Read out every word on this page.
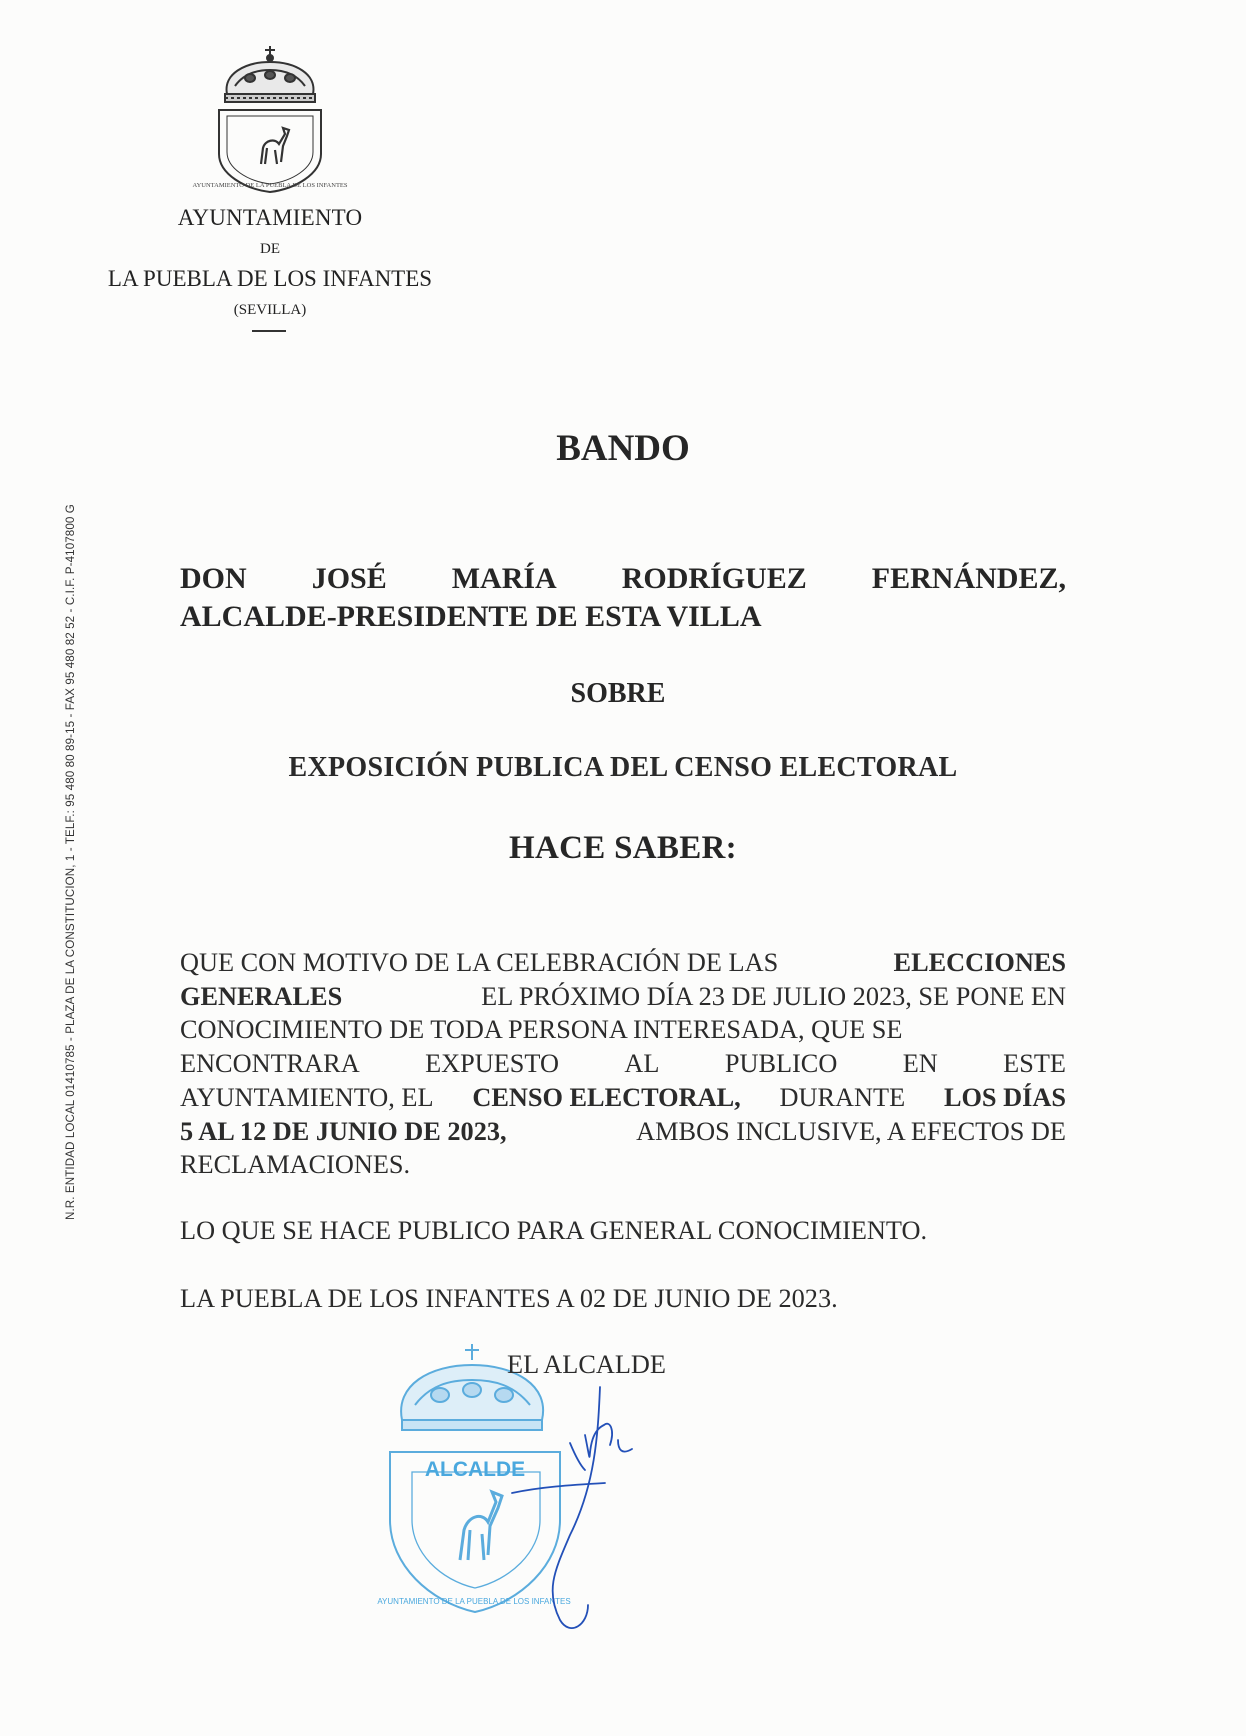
AYUNTAMIENTO DE LA PUEBLA DE LOS INFANTES
AYUNTAMIENTO
DE
LA PUEBLA DE LOS INFANTES
(SEVILLA)
N.R. ENTIDAD LOCAL 01410785 - PLAZA DE LA CONSTITUCION, 1 - TELF.: 95 480 80 89-15 - FAX 95 480 82 52 - C.I.F. P-4107800 G
BANDO
DON JOSÉ MARÍA RODRÍGUEZ FERNÁNDEZ,
ALCALDE-PRESIDENTE DE ESTA VILLA
SOBRE
EXPOSICIÓN PUBLICA DEL CENSO ELECTORAL
HACE SABER:
QUE CON MOTIVO DE LA CELEBRACIÓN DE LAS	ELECCIONES
GENERALES	EL PRÓXIMO DÍA 23 DE JULIO 2023, SE PONE EN
CONOCIMIENTO DE TODA PERSONA INTERESADA, QUE SE
ENCONTRARA EXPUESTO AL PUBLICO EN ESTE
AYUNTAMIENTO, EL CENSO ELECTORAL, DURANTE LOS DÍAS
5 AL 12 DE JUNIO DE 2023,	AMBOS INCLUSIVE, A EFECTOS DE
RECLAMACIONES.
LO QUE SE HACE PUBLICO PARA GENERAL CONOCIMIENTO.
LA PUEBLA DE LOS INFANTES A 02 DE JUNIO DE 2023.
ALCALDE
AYUNTAMIENTO DE LA PUEBLA DE LOS INFANTES
EL ALCALDE
